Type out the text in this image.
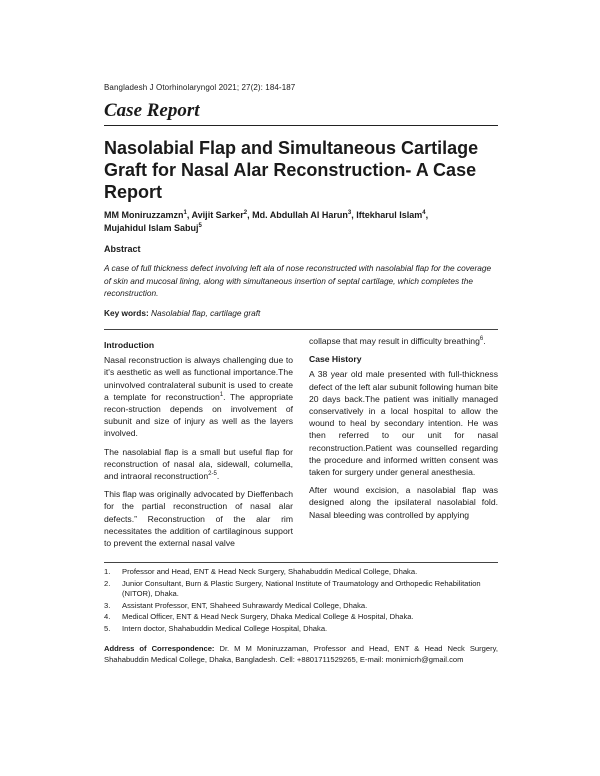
Bangladesh J Otorhinolaryngol 2021; 27(2): 184-187
Case Report
Nasolabial Flap and Simultaneous Cartilage Graft for Nasal Alar Reconstruction- A Case Report
MM Moniruzzamzn$^1$, Avijit Sarker$^2$, Md. Abdullah Al Harun$^3$, Iftekharul Islam$^4$,
Mujahidul Islam Sabuj$^5$
Abstract

A case of full thickness defect involving left ala of nose reconstructed with nasolabial flap for the coverage of skin and mucosal lining, along with simultaneous insertion of septal cartilage, which completes the reconstruction.

Key words: Nasolabial flap, cartilage graft
Introduction

Nasal reconstruction is always challenging due to it's aesthetic as well as functional importance.The uninvolved contralateral subunit is used to create a template for reconstruction$^1$. The appropriate recon-struction depends on involvement of subunit and size of injury as well as the layers involved.

The nasolabial flap is a small but useful flap for reconstruction of nasal ala, sidewall, columella, and intraoral reconstruction$^{2-5}$.

This flap was originally advocated by Dieffenbach for the partial reconstruction of nasal alar defects.” Reconstruction of the alar rim necessitates the addition of cartilaginous support to prevent the external nasal valve

collapse that may result in difficulty breathing$^6$.

Case History

A 38 year old male presented with full-thickness defect of the left alar subunit following human bite 20 days back.The patient was initially managed conservatively in a local hospital to allow the wound to heal by secondary intention. He was then referred to our unit for nasal reconstruction.Patient was counselled regarding the procedure and informed written consent was taken for surgery under general anesthesia.

After wound excision, a nasolabial flap was designed along the ipsilateral nasolabial fold. Nasal bleeding was controlled by applying

1.	Professor and Head, ENT & Head Neck Surgery, Shahabuddin Medical College, Dhaka.
2.	Junior Consultant, Burn & Plastic Surgery, National Institute of Traumatology and Orthopedic Rehabilitation (NITOR), Dhaka.
3.	Assistant Professor, ENT, Shaheed Suhrawardy Medical College, Dhaka.
4.	Medical Officer, ENT & Head Neck Surgery, Dhaka Medical College & Hospital, Dhaka.
5.	Intern doctor, Shahabuddin Medical College Hospital, Dhaka.
Address of Correspondence: Dr. M M Moniruzzaman, Professor and Head, ENT & Head Neck Surgery, Shahabuddin Medical College, Dhaka, Bangladesh. Cell: +8801711529265, E-mail: monirnicrh@gmail.com
